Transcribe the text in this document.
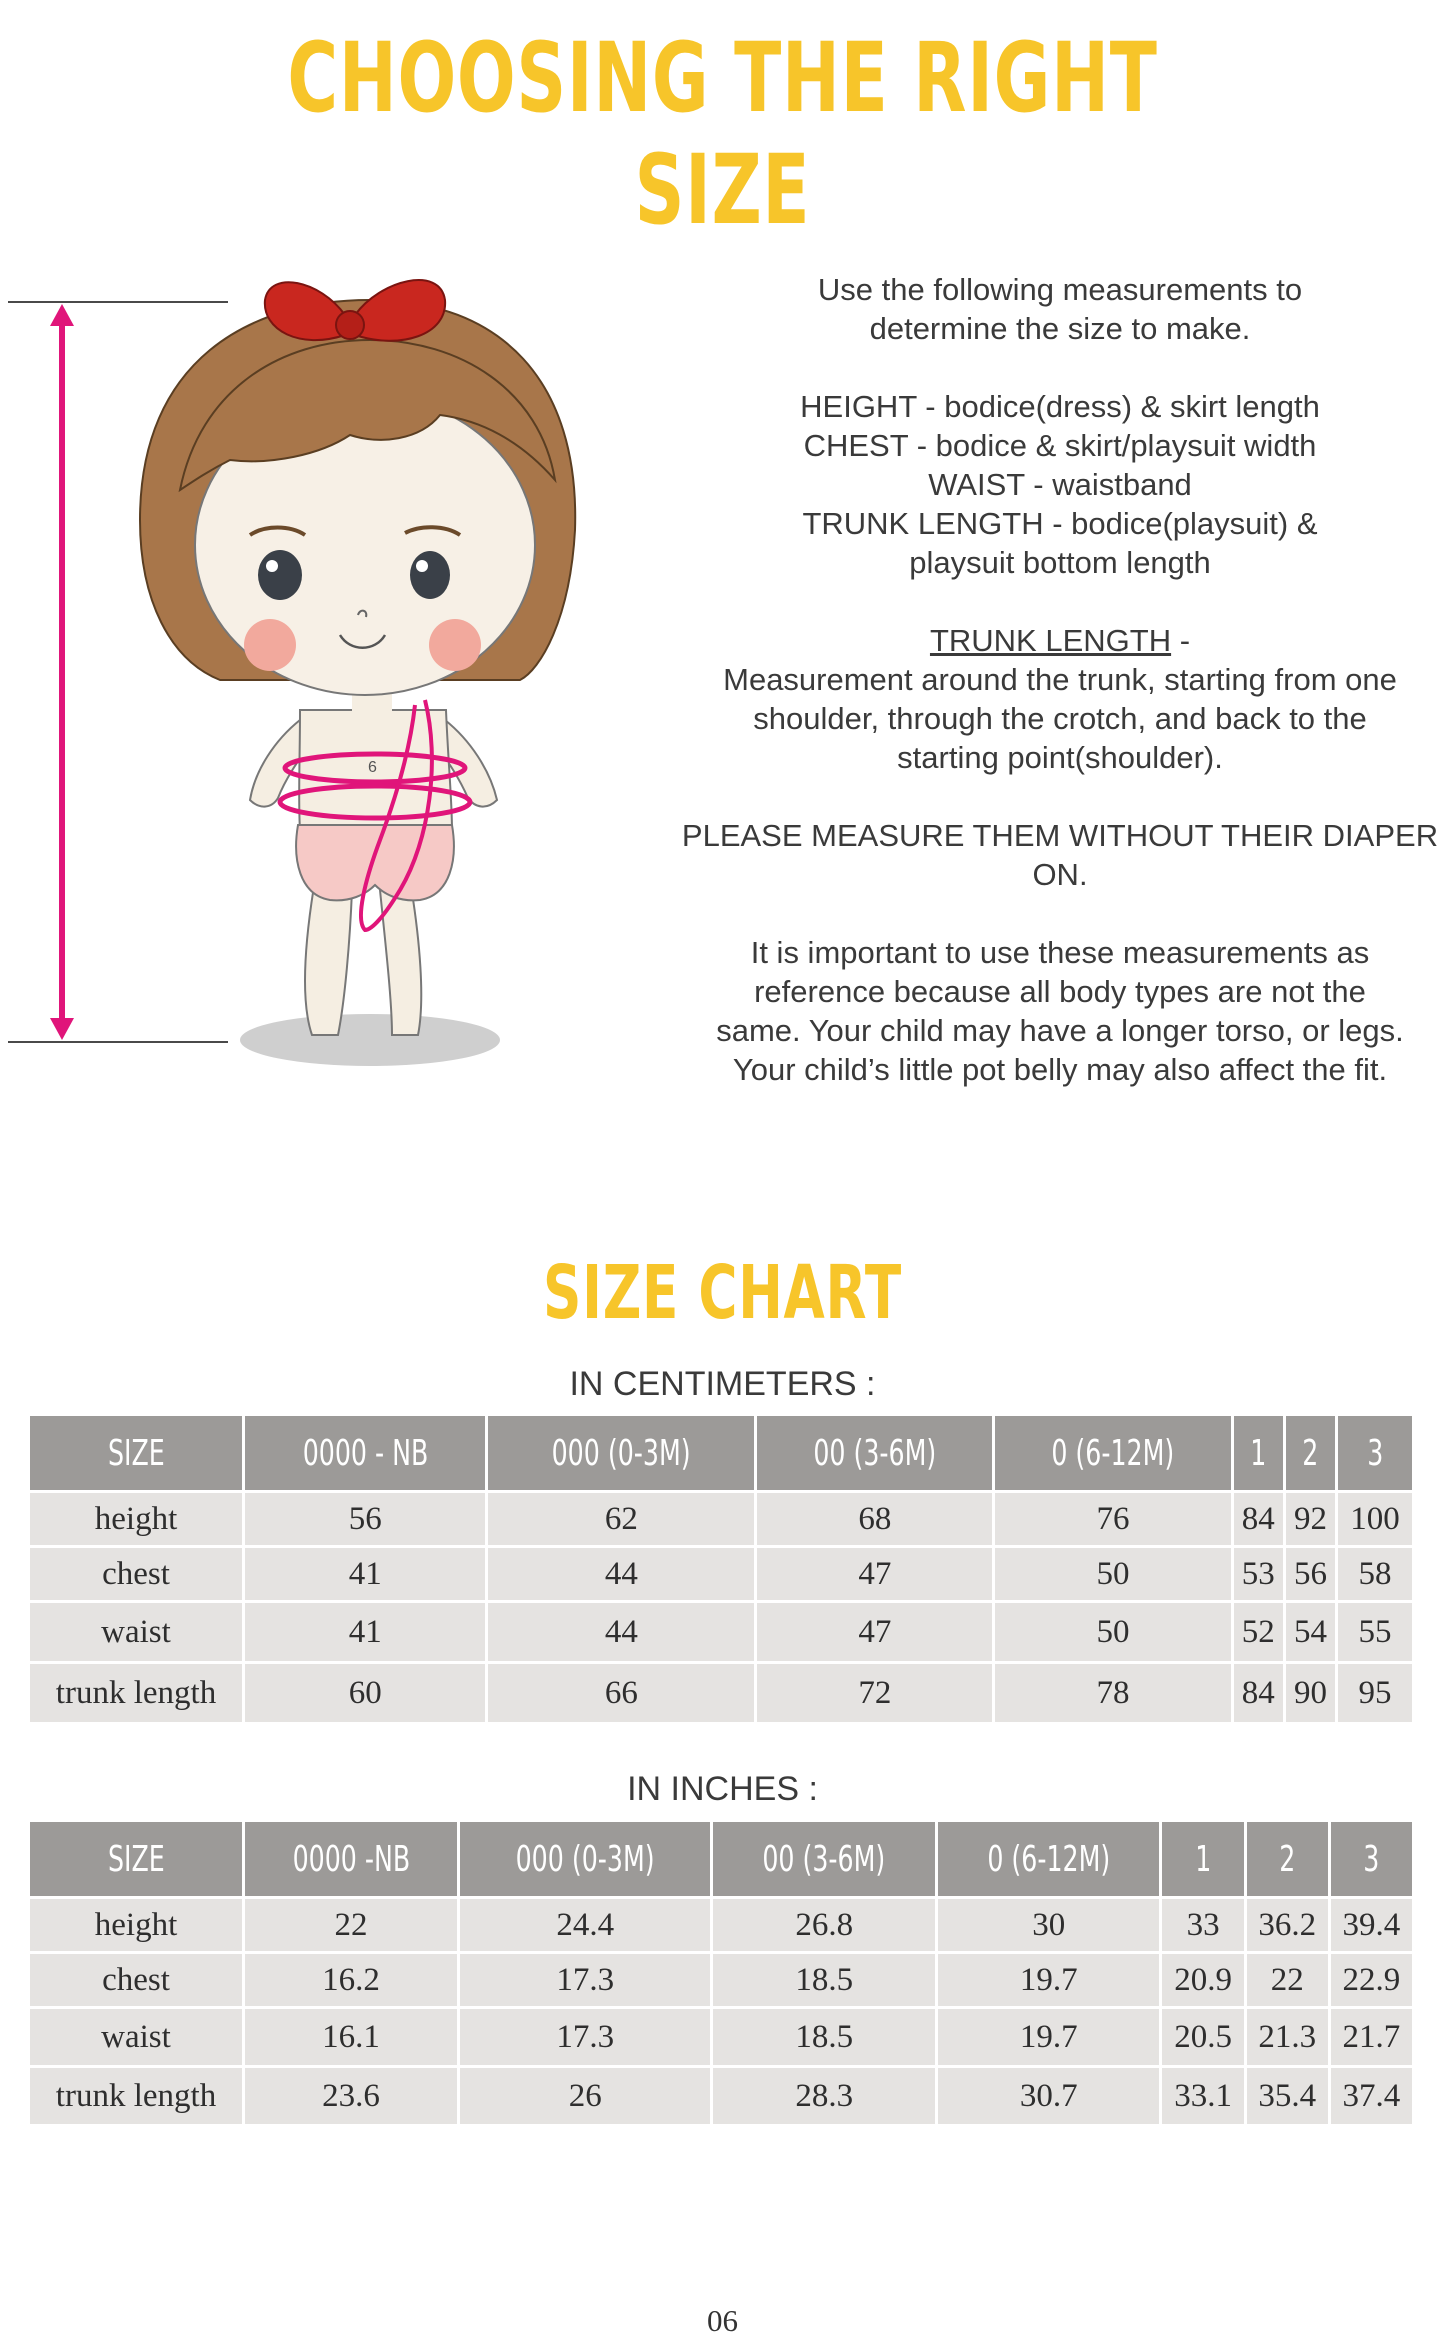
CHOOSING THE RIGHT SIZE
6

Use the following measurements to
determine the size to make.

HEIGHT - bodice(dress) & skirt length
CHEST - bodice & skirt/playsuit width
WAIST - waistband
TRUNK LENGTH - bodice(playsuit) &
playsuit bottom length

TRUNK LENGTH -
Measurement around the trunk, starting from one
shoulder, through the crotch, and back to the
starting point(shoulder).

PLEASE MEASURE THEM WITHOUT THEIR DIAPER ON.

It is important to use these measurements as
reference because all body types are not the
same. Your child may have a longer torso, or legs.
Your child’s little pot belly may also affect the fit.

SIZE CHART
IN CENTIMETERS :
SIZE	0000 - NB	000 (0-3M)	00 (3-6M)	0 (6-12M)	1	2	3
height	56	62	68	76	84	92	100
chest	41	44	47	50	53	56	58
waist	41	44	47	50	52	54	55
trunk length	60	66	72	78	84	90	95
IN INCHES :
SIZE	0000 -NB	000 (0-3M)	00 (3-6M)	0 (6-12M)	1	2	3
height	22	24.4	26.8	30	33	36.2	39.4
chest	16.2	17.3	18.5	19.7	20.9	22	22.9
waist	16.1	17.3	18.5	19.7	20.5	21.3	21.7
trunk length	23.6	26	28.3	30.7	33.1	35.4	37.4
06
